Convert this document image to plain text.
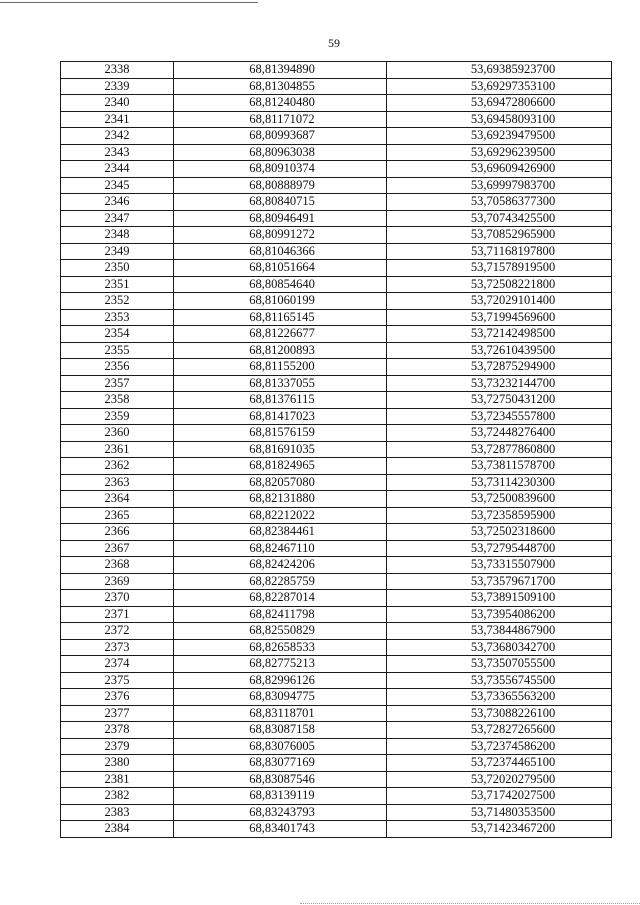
59
2338	68,81394890	53,69385923700
2339	68,81304855	53,69297353100
2340	68,81240480	53,69472806600
2341	68,81171072	53,69458093100
2342	68,80993687	53,69239479500
2343	68,80963038	53,69296239500
2344	68,80910374	53,69609426900
2345	68,80888979	53,69997983700
2346	68,80840715	53,70586377300
2347	68,80946491	53,70743425500
2348	68,80991272	53,70852965900
2349	68,81046366	53,71168197800
2350	68,81051664	53,71578919500
2351	68,80854640	53,72508221800
2352	68,81060199	53,72029101400
2353	68,81165145	53,71994569600
2354	68,81226677	53,72142498500
2355	68,81200893	53,72610439500
2356	68,81155200	53,72875294900
2357	68,81337055	53,73232144700
2358	68,81376115	53,72750431200
2359	68,81417023	53,72345557800
2360	68,81576159	53,72448276400
2361	68,81691035	53,72877860800
2362	68,81824965	53,73811578700
2363	68,82057080	53,73114230300
2364	68,82131880	53,72500839600
2365	68,82212022	53,72358595900
2366	68,82384461	53,72502318600
2367	68,82467110	53,72795448700
2368	68,82424206	53,73315507900
2369	68,82285759	53,73579671700
2370	68,82287014	53,73891509100
2371	68,82411798	53,73954086200
2372	68,82550829	53,73844867900
2373	68,82658533	53,73680342700
2374	68,82775213	53,73507055500
2375	68,82996126	53,73556745500
2376	68,83094775	53,73365563200
2377	68,83118701	53,73088226100
2378	68,83087158	53,72827265600
2379	68,83076005	53,72374586200
2380	68,83077169	53,72374465100
2381	68,83087546	53,72020279500
2382	68,83139119	53,71742027500
2383	68,83243793	53,71480353500
2384	68,83401743	53,71423467200
